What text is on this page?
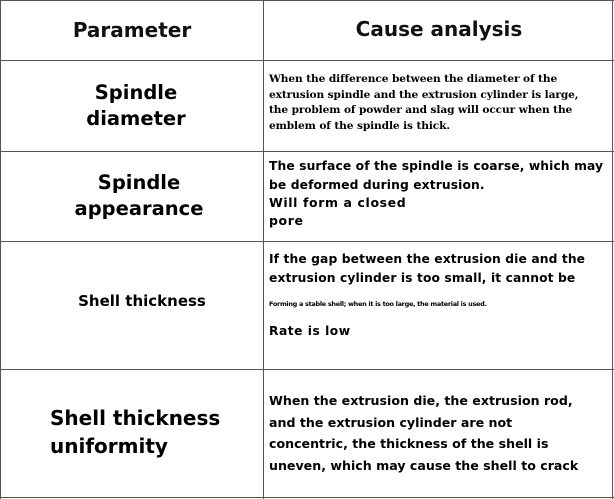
Parameter	Cause analysis
Spindle
diameter
When the difference between the diameter of the
extrusion spindle and the extrusion cylinder is large,
the problem of powder and slag will occur when the
emblem of the spindle is thick.
Spindle
appearance
The surface of the spindle is coarse, which may
be deformed during extrusion.
Will form a closed
pore
Shell thickness
If the gap between the extrusion die and the
extrusion cylinder is too small, it cannot be
Forming a stable shell; when it is too large, the material is used.
Rate is low
Shell thickness
uniformity
When the extrusion die, the extrusion rod,
and the extrusion cylinder are not
concentric, the thickness of the shell is
uneven, which may cause the shell to crack
